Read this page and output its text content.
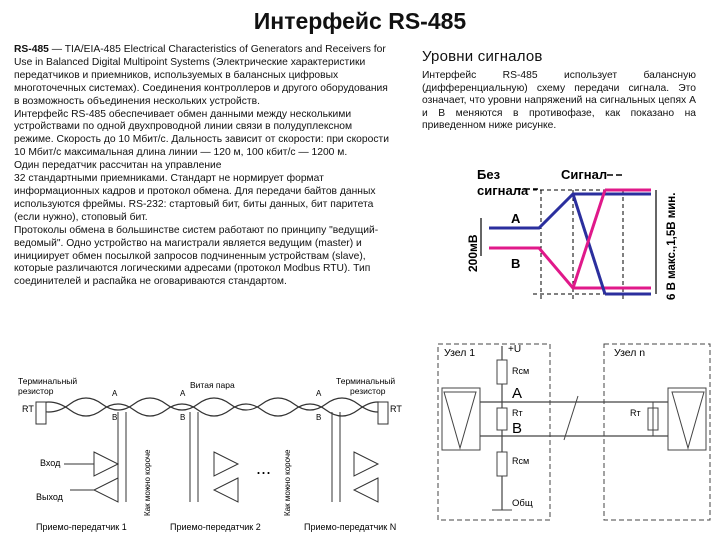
Интерфейс RS-485

RS-485 — TIA/EIA-485 Electrical Characteristics of Generators and Receivers for Use in Balanced Digital Multipoint Systems (Электрические характеристики передатчиков и приемников, используемых в балансных цифровых многоточечных системах). Соединения контроллеров и другого оборудования в возможность объединения нескольких устройств.

Интерфейс RS-485 обеспечивает обмен данными между несколькими устройствами по одной двухпроводной линии связи в полудуплексном режиме. Скорость до 10 Мбит/с. Дальность зависит от скорости: при скорости 10 Мбит/с максимальная длина линии — 120 м, 100 кбит/с — 1200 м.

Один передатчик рассчитан на управление

32 стандартными приемниками. Стандарт не нормирует формат информационных кадров и протокол обмена. Для передачи байтов данных используются фреймы. RS-232: стартовый бит, биты данных, бит паритета (если нужно), стоповый бит.

Протоколы обмена в большинстве систем работают по принципу "ведущий-ведомый". Одно устройство на магистрали является ведущим (master) и инициирует обмен посылкой запросов подчиненным устройствам (slave), которые различаются логическими адресами (протокол Modbus RTU). Тип соединителей и распайка не оговариваются стандартом.

Уровни сигналов
Интерфейс RS-485 использует балансную (дифференциальную) схему передачи сигнала. Это означает, что уровни напряжений на сигнальных цепях А и В меняются в противофазе, как показано на приведенном ниже рисунке.
Без
сигнала
Сигнал
A
B
200мВ	6 В макс.,1,5В мин.
Узел 1	Узел n
+U
Rсм
A
Rт
B
Rсм
Общ
Rт
Терминальный
резистор
Терминальный
резистор
Витая пара
A	A	A
B	B	B
RT	RT
Как можно короче	Как можно короче
Вход
Выход
...
Приемо-передатчик 1	Приемо-передатчик 2	Приемо-передатчик N
